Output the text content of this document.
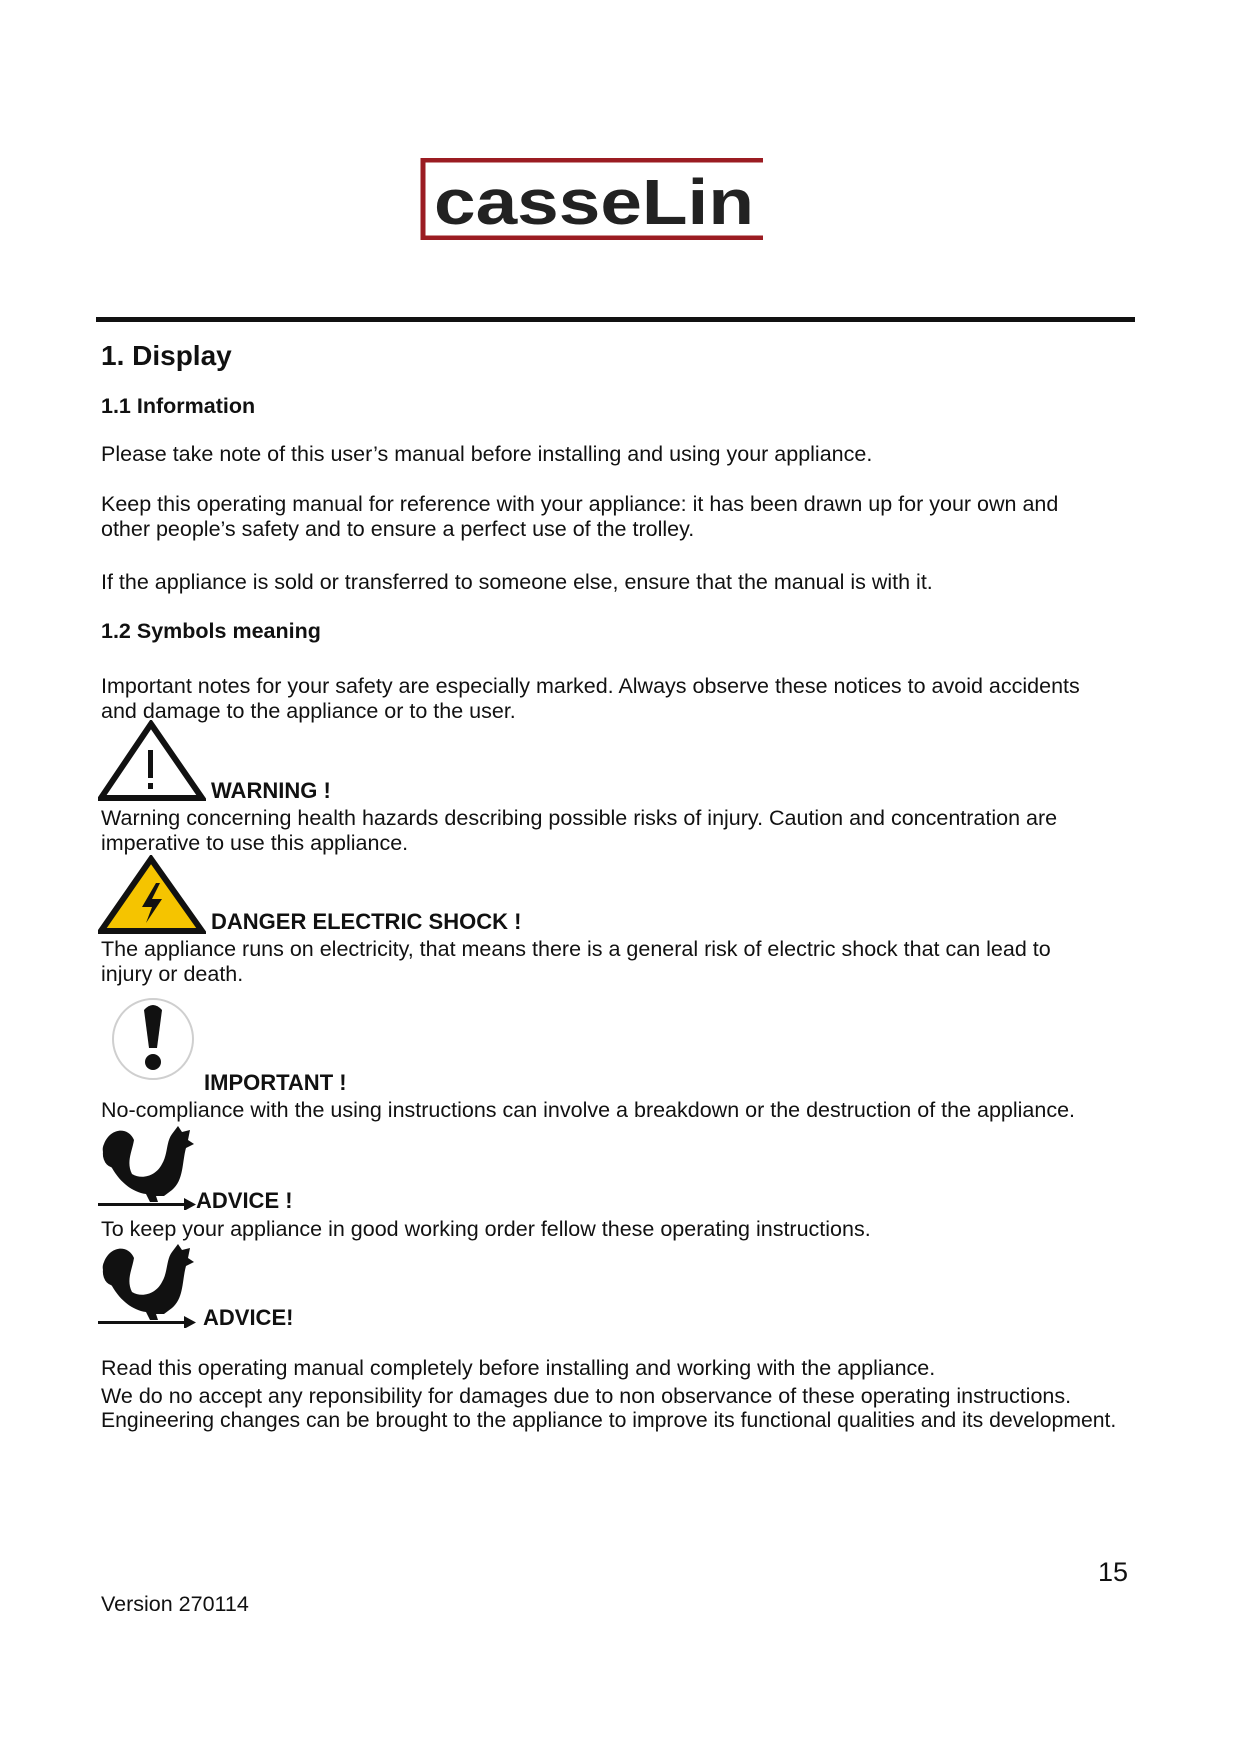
casseLin
1. Display
1.1 Information

Please take note of this user’s manual before installing and using your appliance.

Keep this operating manual for reference with your appliance: it has been drawn up for your own and

other people’s safety and to ensure a perfect use of the trolley.

If the appliance is sold or transferred to someone else, ensure that the manual is with it.

1.2 Symbols meaning

Important notes for your safety are especially marked. Always observe these notices to avoid accidents

and damage to the appliance or to the user.

WARNING !

Warning concerning health hazards describing possible risks of injury. Caution and concentration are

imperative to use this appliance.

DANGER ELECTRIC SHOCK !

The appliance runs on electricity, that means there is a general risk of electric shock that can lead to

injury or death.

IMPORTANT !

No-compliance with the using instructions can involve a breakdown or the destruction of the appliance.

ADVICE !

To keep your appliance in good working order fellow these operating instructions.

ADVICE!

Read this operating manual completely before installing and working with the appliance.

We do no accept any reponsibility for damages due to non observance of these operating instructions.

Engineering changes can be brought to the appliance to improve its functional qualities and its development.

15

Version 270114
